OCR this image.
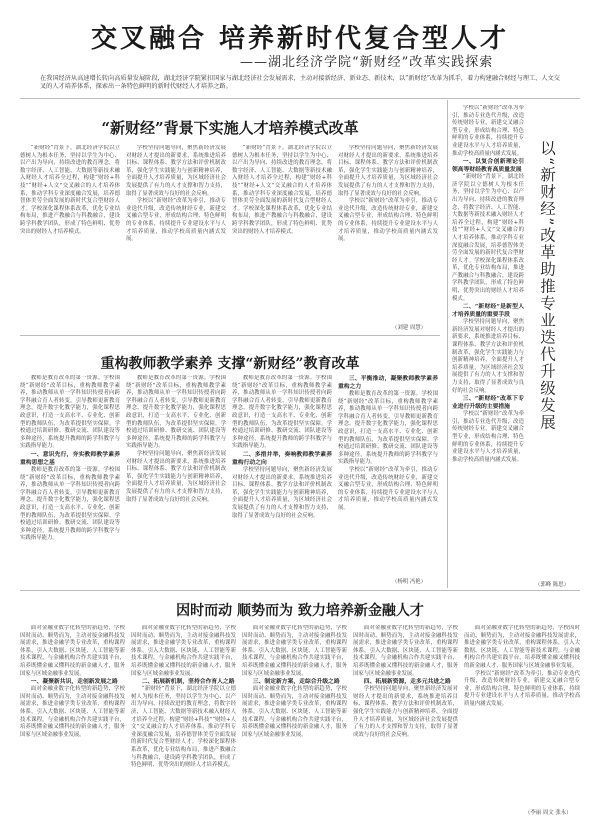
交叉融合 培养新时代复合型人才
——湖北经济学院“新财经”改革实践探索
在我国经济从高速增长转向高质量发展阶段，湖北经济学院紧扣国家与湖北经济社会发展需求，主动对接新经济、新业态、新技术，以“新财经”改革为抓手，着力构建融合财经与理工、人文交叉的人才培养体系，探索出一条特色鲜明的新时代财经人才培养之路。
“新财经”背景下实施人才培养模式改革

“新财经”背景下，湖北经济学院以立德树人为根本任务，坚持以学生为中心、以产出为导向、持续改进的教育理念，将数字经济、人工智能、大数据等新技术融入财经人才培养全过程，构建“财经+科技”“财经+人文”交叉融合的人才培养体系，推动学科专业深度融合发展，培养德智体美劳全面发展的新时代复合型财经人才。学校深化课程体系改革，优化专业结构布局，推进产教融合与科教融合，建设跨学科教学团队，形成了特色鲜明、优势突出的财经人才培养模式。

学校坚持问题导向，聚焦新经济发展对财经人才提出的新要求，系统推进培养目标、课程体系、教学方法和评价机制改革，强化学生实践能力与创新精神培养，全面提升人才培养质量，为区域经济社会发展提供了有力的人才支撑和智力支持，取得了显著成效与良好的社会反响。

学校以“新财经”改革为牵引，推动专业迭代升级，改造传统财经专业，新建交叉融合型专业，形成结构合理、特色鲜明的专业体系，持续提升专业建设水平与人才培养质量，推动学校高质量内涵式发展。

“新财经”背景下，湖北经济学院以立德树人为根本任务，坚持以学生为中心、以产出为导向、持续改进的教育理念，将数字经济、人工智能、大数据等新技术融入财经人才培养全过程，构建“财经+科技”“财经+人文”交叉融合的人才培养体系，推动学科专业深度融合发展，培养德智体美劳全面发展的新时代复合型财经人才。学校深化课程体系改革，优化专业结构布局，推进产教融合与科教融合，建设跨学科教学团队，形成了特色鲜明、优势突出的财经人才培养模式。

学校坚持问题导向，聚焦新经济发展对财经人才提出的新要求，系统推进培养目标、课程体系、教学方法和评价机制改革，强化学生实践能力与创新精神培养，全面提升人才培养质量，为区域经济社会发展提供了有力的人才支撑和智力支持，取得了显著成效与良好的社会反响。

学校以“新财经”改革为牵引，推动专业迭代升级，改造传统财经专业，新建交叉融合型专业，形成结构合理、特色鲜明的专业体系，持续提升专业建设水平与人才培养质量，推动学校高质量内涵式发展。

（刘建 周慧）
重构教师教学素养 支撑“新财经”教育改革

教师是教育改革的第一资源。学校围绕“新财经”改革目标，重构教师教学素养，推动教师从单一学科知识传授者向跨学科融合育人者转变，引导教师更新教育理念，提升数字化教学能力，强化课程思政意识，打造一支高水平、专业化、创新型的教师队伍，为改革提供坚实保障。学校通过培训研修、教研交流、团队建设等多种途径，系统提升教师的跨学科教学与实践指导能力。

一、意识先行，夯实教师教学素养重构思想之基

教师是教育改革的第一资源。学校围绕“新财经”改革目标，重构教师教学素养，推动教师从单一学科知识传授者向跨学科融合育人者转变，引导教师更新教育理念，提升数字化教学能力，强化课程思政意识，打造一支高水平、专业化、创新型的教师队伍，为改革提供坚实保障。学校通过培训研修、教研交流、团队建设等多种途径，系统提升教师的跨学科教学与实践指导能力。

教师是教育改革的第一资源。学校围绕“新财经”改革目标，重构教师教学素养，推动教师从单一学科知识传授者向跨学科融合育人者转变，引导教师更新教育理念，提升数字化教学能力，强化课程思政意识，打造一支高水平、专业化、创新型的教师队伍，为改革提供坚实保障。学校通过培训研修、教研交流、团队建设等多种途径，系统提升教师的跨学科教学与实践指导能力。

学校坚持问题导向，聚焦新经济发展对财经人才提出的新要求，系统推进培养目标、课程体系、教学方法和评价机制改革，强化学生实践能力与创新精神培养，全面提升人才培养质量，为区域经济社会发展提供了有力的人才支撑和智力支持，取得了显著成效与良好的社会反响。

教师是教育改革的第一资源。学校围绕“新财经”改革目标，重构教师教学素养，推动教师从单一学科知识传授者向跨学科融合育人者转变，引导教师更新教育理念，提升数字化教学能力，强化课程思政意识，打造一支高水平、专业化、创新型的教师队伍，为改革提供坚实保障。学校通过培训研修、教研交流、团队建设等多种途径，系统提升教师的跨学科教学与实践指导能力。

二、多措并举，奏响教师教学素养重构行动之向

学校坚持问题导向，聚焦新经济发展对财经人才提出的新要求，系统推进培养目标、课程体系、教学方法和评价机制改革，强化学生实践能力与创新精神培养，全面提升人才培养质量，为区域经济社会发展提供了有力的人才支撑和智力支持，取得了显著成效与良好的社会反响。

三、平衡推动，凝聚教师教学素养重构之力

教师是教育改革的第一资源。学校围绕“新财经”改革目标，重构教师教学素养，推动教师从单一学科知识传授者向跨学科融合育人者转变，引导教师更新教育理念，提升数字化教学能力，强化课程思政意识，打造一支高水平、专业化、创新型的教师队伍，为改革提供坚实保障。学校通过培训研修、教研交流、团队建设等多种途径，系统提升教师的跨学科教学与实践指导能力。

学校以“新财经”改革为牵引，推动专业迭代升级，改造传统财经专业，新建交叉融合型专业，形成结构合理、特色鲜明的专业体系，持续提升专业建设水平与人才培养质量，推动学校高质量内涵式发展。

（杨明 冯艳）

学校以“新财经”改革为牵引，推动专业迭代升级，改造传统财经专业，新建交叉融合型专业，形成结构合理、特色鲜明的专业体系，持续提升专业建设水平与人才培养质量，推动学校高质量内涵式发展。

一、以复合创新理论引领高等财经教育高质量发展

“新财经”背景下，湖北经济学院以立德树人为根本任务，坚持以学生为中心、以产出为导向、持续改进的教育理念，将数字经济、人工智能、大数据等新技术融入财经人才培养全过程，构建“财经+科技”“财经+人文”交叉融合的人才培养体系，推动学科专业深度融合发展，培养德智体美劳全面发展的新时代复合型财经人才。学校深化课程体系改革，优化专业结构布局，推进产教融合与科教融合，建设跨学科教学团队，形成了特色鲜明、优势突出的财经人才培养模式。

二、“新财经”是新型人才培养质量的重要手段

学校坚持问题导向，聚焦新经济发展对财经人才提出的新要求，系统推进培养目标、课程体系、教学方法和评价机制改革，强化学生实践能力与创新精神培养，全面提升人才培养质量，为区域经济社会发展提供了有力的人才支撑和智力支持，取得了显著成效与良好的社会反响。

三、“新财经”改革下专业进行升级的主要措施

学校以“新财经”改革为牵引，推动专业迭代升级，改造传统财经专业，新建交叉融合型专业，形成结构合理、特色鲜明的专业体系，持续提升专业建设水平与人才培养质量，推动学校高质量内涵式发展。

以“新财经”改革助推专业迭代升级发展
（郭峰 陈思）
因时而动 顺势而为 致力培养新金融人才

面对金融业数字化转型的新趋势，学校因时而动、顺势而为，主动对接金融科技发展需求，推进金融学类专业改革，重构课程体系，引入大数据、区块链、人工智能等新技术课程，与金融机构合作共建实践平台，培养既懂金融又懂科技的新金融人才，服务国家与区域金融事业发展。

一、凝聚新共识，走创新发展之路

面对金融业数字化转型的新趋势，学校因时而动、顺势而为，主动对接金融科技发展需求，推进金融学类专业改革，重构课程体系，引入大数据、区块链、人工智能等新技术课程，与金融机构合作共建实践平台，培养既懂金融又懂科技的新金融人才，服务国家与区域金融事业发展。

面对金融业数字化转型的新趋势，学校因时而动、顺势而为，主动对接金融科技发展需求，推进金融学类专业改革，重构课程体系，引入大数据、区块链、人工智能等新技术课程，与金融机构合作共建实践平台，培养既懂金融又懂科技的新金融人才，服务国家与区域金融事业发展。

二、拓展新机制，坚持合作育人之路

“新财经”背景下，湖北经济学院以立德树人为根本任务，坚持以学生为中心、以产出为导向、持续改进的教育理念，将数字经济、人工智能、大数据等新技术融入财经人才培养全过程，构建“财经+科技”“财经+人文”交叉融合的人才培养体系，推动学科专业深度融合发展，培养德智体美劳全面发展的新时代复合型财经人才。学校深化课程体系改革，优化专业结构布局，推进产教融合与科教融合，建设跨学科教学团队，形成了特色鲜明、优势突出的财经人才培养模式。

面对金融业数字化转型的新趋势，学校因时而动、顺势而为，主动对接金融科技发展需求，推进金融学类专业改革，重构课程体系，引入大数据、区块链、人工智能等新技术课程，与金融机构合作共建实践平台，培养既懂金融又懂科技的新金融人才，服务国家与区域金融事业发展。

三、制定新方案，走综合升级之路

面对金融业数字化转型的新趋势，学校因时而动、顺势而为，主动对接金融科技发展需求，推进金融学类专业改革，重构课程体系，引入大数据、区块链、人工智能等新技术课程，与金融机构合作共建实践平台，培养既懂金融又懂科技的新金融人才，服务国家与区域金融事业发展。

面对金融业数字化转型的新趋势，学校因时而动、顺势而为，主动对接金融科技发展需求，推进金融学类专业改革，重构课程体系，引入大数据、区块链、人工智能等新技术课程，与金融机构合作共建实践平台，培养既懂金融又懂科技的新金融人才，服务国家与区域金融事业发展。

四、拓展新资源，走多元共进之路

学校坚持问题导向，聚焦新经济发展对财经人才提出的新要求，系统推进培养目标、课程体系、教学方法和评价机制改革，强化学生实践能力与创新精神培养，全面提升人才培养质量，为区域经济社会发展提供了有力的人才支撑和智力支持，取得了显著成效与良好的社会反响。

面对金融业数字化转型的新趋势，学校因时而动、顺势而为，主动对接金融科技发展需求，推进金融学类专业改革，重构课程体系，引入大数据、区块链、人工智能等新技术课程，与金融机构合作共建实践平台，培养既懂金融又懂科技的新金融人才，服务国家与区域金融事业发展。

学校以“新财经”改革为牵引，推动专业迭代升级，改造传统财经专业，新建交叉融合型专业，形成结构合理、特色鲜明的专业体系，持续提升专业建设水平与人才培养质量，推动学校高质量内涵式发展。

（李丽 周文 张永）
